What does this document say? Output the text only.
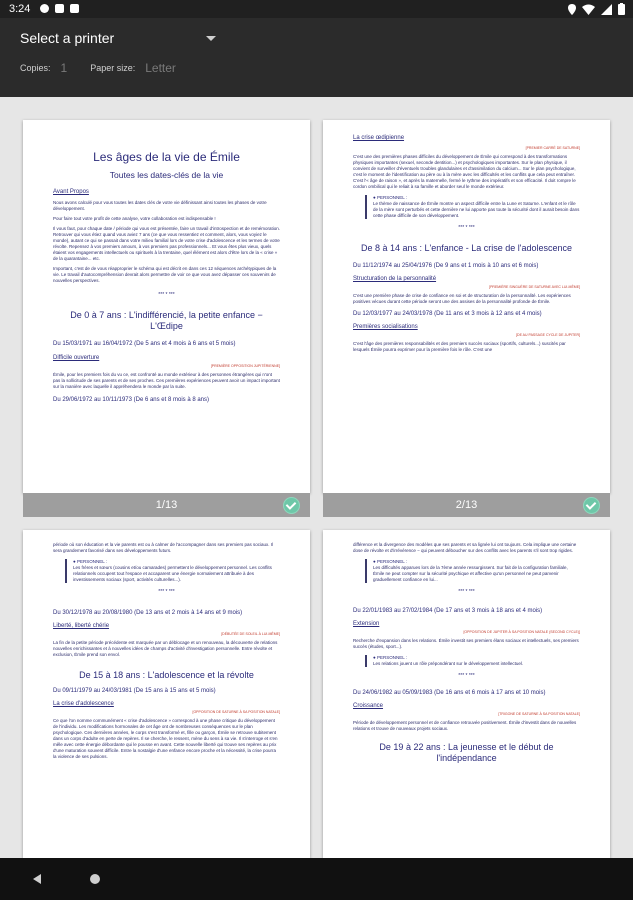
3:24
Select a printer
Copies: 1	Paper size: Letter
Les âges de la vie de Émile
Toutes les dates-clés de la vie
Avant Propos

Nous avons calculé pour vous toutes les dates clés de votre vie définissant ainsi toutes les phases de votre développement.

Pour faire tout votre profit de cette analyse, votre collaboration est indispensable !

Il vous faut, pour chaque date / période qui vous est présentée, faire un travail d'introspection et de remémoration. Retrouver qui vous étiez quand vous aviez 7 ans (ce que vous ressentiez et comment, alors, vous voyiez le monde), autant ce qui se passait dans votre milieu familial lors de votre crise d'adolescence et les termes de votre révolte. Repensez à vos premiers amours, à vos premiers pas professionnels... Et vous êtes plus vieux, quels étaient vos engagements intellectuels ou spirituels à la trentaine, quel élément est alors d'être lors de la « crise » de la quarantaine... etc.

Important, c'est de de vous réapproprier le schéma qui est décrit en dans ces 12 séquences archétypiques de la vie. Le travail d'autocompréhension devrait alors permettre de voir ce que vous avez dépasser ces souvenirs de nouvelles perspectives.

*** * ***
De 0 à 7 ans : L'indifférencié, la petite enfance − L'Œdipe
Du 15/03/1971 au 16/04/1972 (De 5 ans et 4 mois à 6 ans et 5 mois)
Difficile ouverture
[PREMIÈRE OPPOSITION JUPITÉRIENNE]

Émile, pour les premiers fois du vu ce, est confronté au monde extérieur à des personnes étrangères qui n'ont pas la sollicitude de ses parents et de ses proches. Ces premières expériences peuvent avoir un impact important sur la manière avec laquelle il appréhendera le monde par la suite.

Du 29/06/1972 au 10/11/1973 (De 6 ans et 8 mois à 8 ans)
1/13
La crise œdipienne
[PREMIER CARRÉ DE SATURNE]

C'est une des premières phases difficiles du développement de Émile qui correspond à des transformations physiques importantes (sexuel, seconde dentition...) et psychologiques importantes. Sur le plan physique, il convient de surveiller d'éventuels troubles glandulaires et d'assimilation du calcium... Sur le plan psychologique, c'est le moment de l'identification au père ou à la mère avec les difficultés et les conflits que cela peut entraîner. C'est l'« âge de raison », et après la maternelle, fermé le rythme des impératifs et son efficacité. Il doit rompre le cordon ombilical qui le reliait à sa famille et aborder seul le monde extérieur.

● PERSONNEL :

Le thème de naissance de Émile montre un aspect difficile entre la Lune et Saturne. L'enfant et le rôle de la mère sont perturbés et cette dernière ne lui apporte pas toute la sécurité dont il aurait besoin dans cette phase difficile de son développement.

*** * ***
De 8 à 14 ans : L'enfance - La crise de l'adolescence
Du 11/12/1974 au 25/04/1976 (De 9 ans et 1 mois à 10 ans et 6 mois)
Structuration de la personnalité
[PREMIÈRE SINGUÉRE DE SATURNE AVEC LUI-MÊME]

C'est une première phase de crise de confiance en soi et de structuration de la personnalité. Les expériences positives vécues durant cette période seront une des assises de la personnalité profonde de Émile.

Du 12/03/1977 au 24/03/1978 (De 11 ans et 3 mois à 12 ans et 4 mois)
Premières socialisations
[DE AU PASSAGE CYCLE DE JUPITER]

C'est l'âge des premières responsabilités et des premiers succès sociaux (sportifs, culturels...) suscités par lesquels Émile pourra exprimer pour la première fois le rôle. C'est une

2/13

période où son éducation et la vie parents est ou à calmer de l'accompagner dans ses premiers pas sociaux. Il sera grandement favorisé dans ses développements futurs.

● PERSONNEL :

Les frères et sœurs (cousins et/ou camarades) permettent le développement personnel. Les conflits relationnels occupent tout l'espace et accaparent une énergie normalement attribuée à des investissements sociaux (sport, activités culturelles...).

*** * ***
Du 30/12/1978 au 20/08/1980 (De 13 ans et 2 mois à 14 ans et 9 mois)
Liberté, liberté chérie
[DÉBUTÉE DE SOLEIL À LUI-MÊME]

La fin de la petite période précédente est marquée par un déblocage et un renouveau, la découverte de relations nouvelles enrichissantes et à nouvelles idées de champs d'activité d'investigation personnelle. Entre révolte et exclusion, Émile prend son envol.

De 15 à 18 ans : L'adolescence et la révolte
Du 09/11/1979 au 24/03/1981 (De 15 ans à 15 ans et 5 mois)
La crise d'adolescence
[OPPOSITION DE SATURNE À SA POSITION NATALE]

Ce que l'on nomme communément « crise d'adolescence » correspond à une phase critique du développement de l'individu. Les modifications hormonales de cet âge ont de nombreuses conséquences sur le plan psychologique. Ces dernières années, le corps s'est transformé et, fille ou garçon, Émile se retrouve subitement dans un corps d'adulte en perte de repères. Il se cherche, le ressent, mène du sens à sa vie. Il s'interroge et s'en mêle avec cette énergie débordante qui le pousse en avant. Cette nouvelle liberté qui trouve ses repères au prix d'une maturation souvent difficile. Entre la nostalgie d'une enfance encore proche et la nécessité, la crise pourra la violence de ses pulsions.

différence et la divergence des modèles que ses parents et sa lignée lui ont toujours. Cela implique une certaine dose de révolte et d'irrévérence − qui peuvent déboucher sur des conflits avec les parents s'il sont trop rigides.

● PERSONNEL :

Les difficultés apparues lors de la 7ème année ressurgissent. Sur fait de la configuration familiale, Émile ne peut compter sur la sécurité psychique et affective qu'un personnel ne peut parvenir graduellement confiance en lui...

*** * ***
Du 22/01/1983 au 27/02/1984 (De 17 ans et 3 mois à 18 ans et 4 mois)
Extension
[OPPOSITION DE JUPITER À SA POSITION NATALE (SECOND CYCLE)]

Recherche d'expansion dans les relations. Émile investit ses premiers élans sociaux et intellectuels, ses premiers succès (études, sport...).

● PERSONNEL :

Les relations jouent un rôle prépondérant sur le développement intellectuel.

*** * ***
Du 24/06/1982 au 05/09/1983 (De 16 ans et 6 mois à 17 ans et 10 mois)
Croissance
[TRIGONE DE SATURNE À SA POSITION NATALE]

Période de développement personnel et de confiance retrouvée positivement. Émile d'investit dans de nouvelles relations et trouve de nouveaux projets sociaux.

De 19 à 22 ans : La jeunesse et le début de l'indépendance
